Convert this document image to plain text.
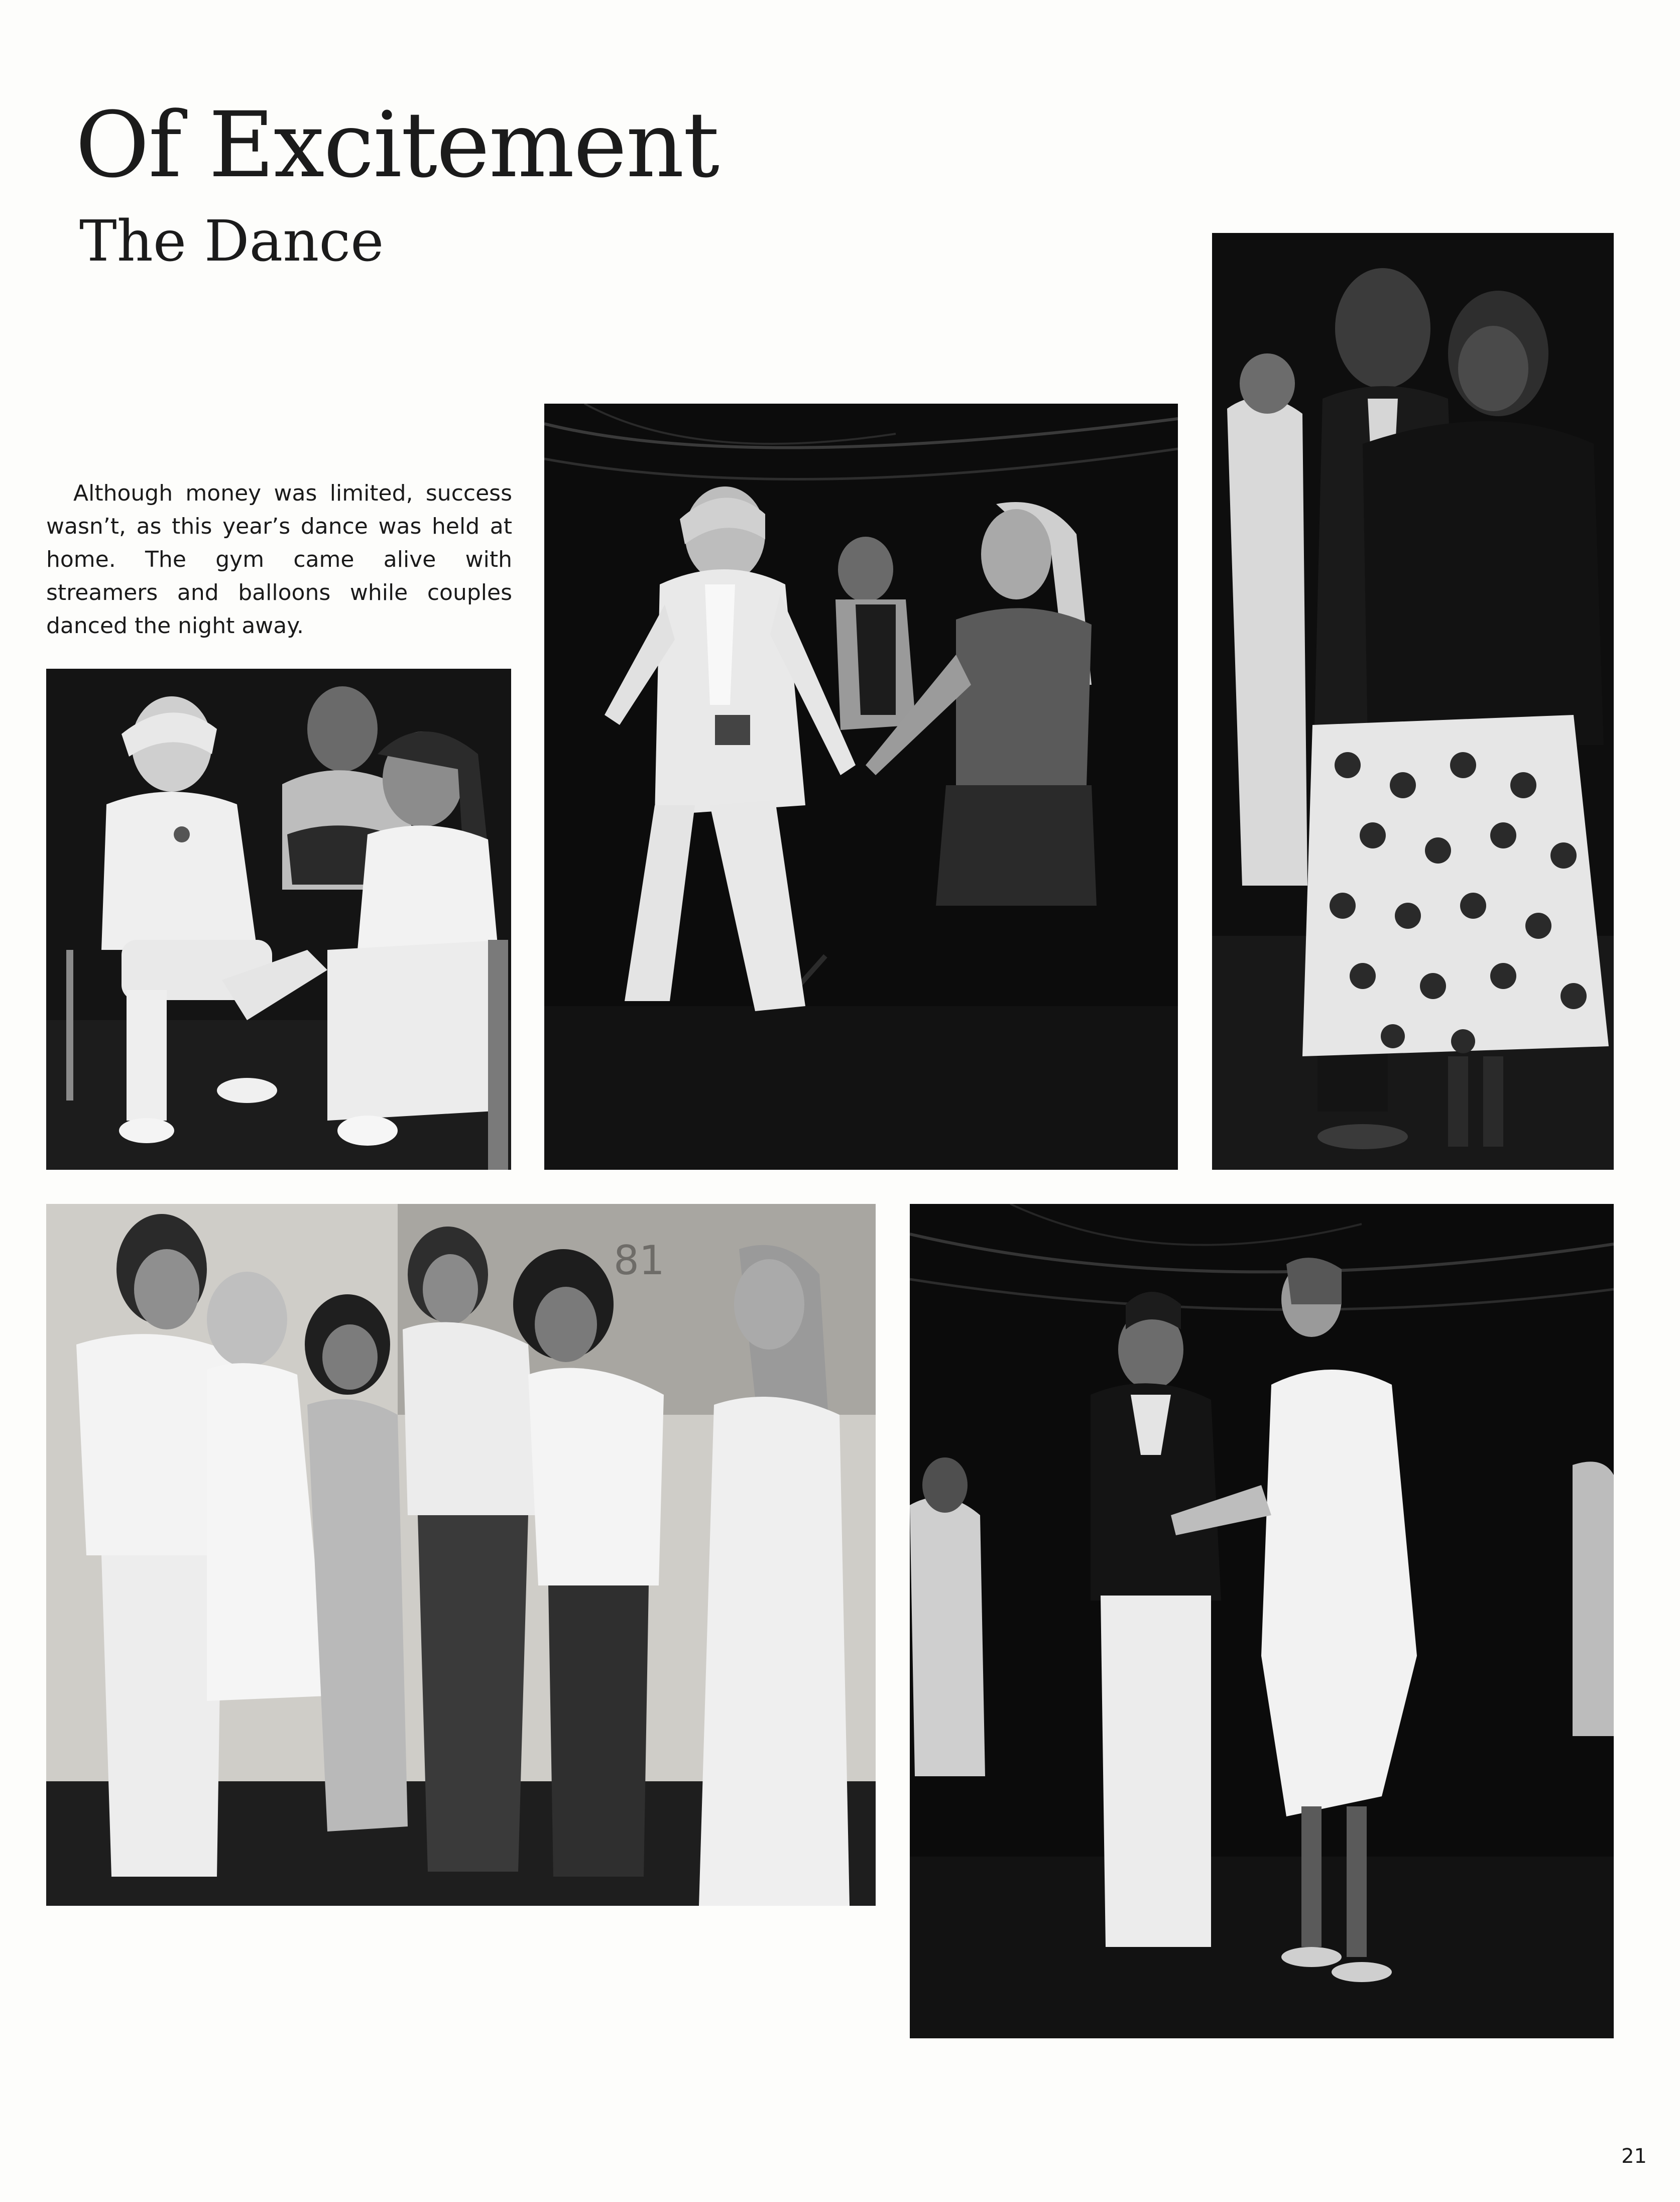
Of Excitement
The Dance

Although money was limited, success wasn’t, as this year’s dance was held at home. The gym came alive with streamers and balloons while couples danced the night away.

81

21
